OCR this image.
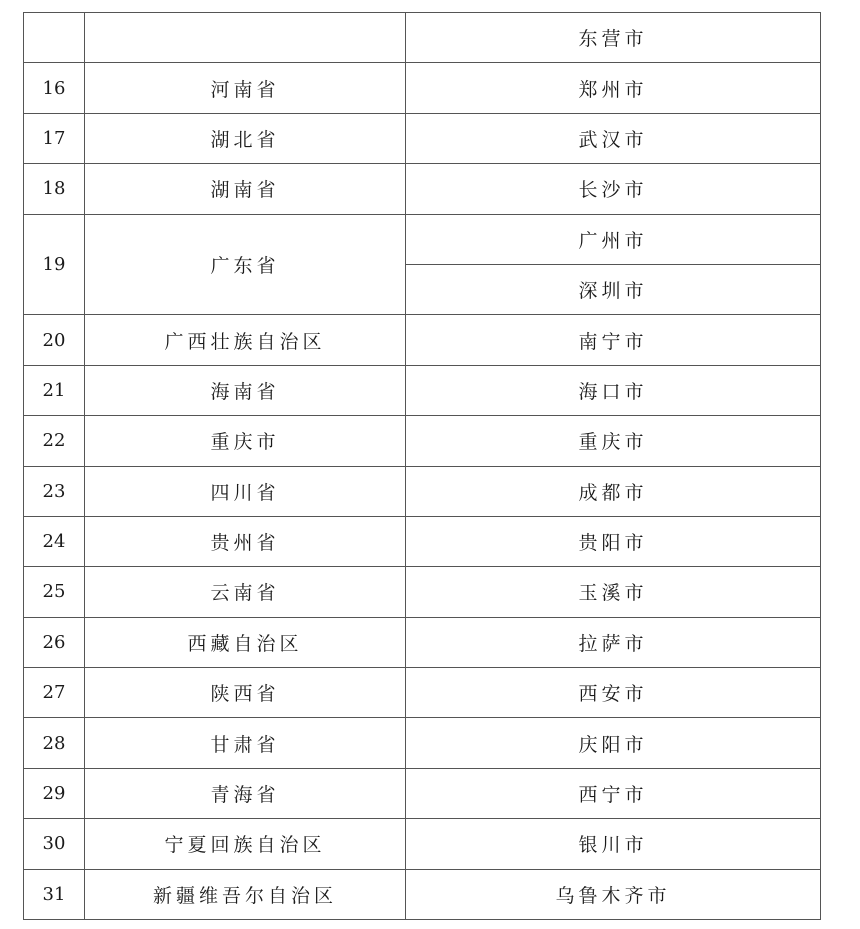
		东营市
16	河南省	郑州市
17	湖北省	武汉市
18	湖南省	长沙市
19	广东省	广州市
		深圳市
20	广西壮族自治区	南宁市
21	海南省	海口市
22	重庆市	重庆市
23	四川省	成都市
24	贵州省	贵阳市
25	云南省	玉溪市
26	西藏自治区	拉萨市
27	陕西省	西安市
28	甘肃省	庆阳市
29	青海省	西宁市
30	宁夏回族自治区	银川市
31	新疆维吾尔自治区	乌鲁木齐市
